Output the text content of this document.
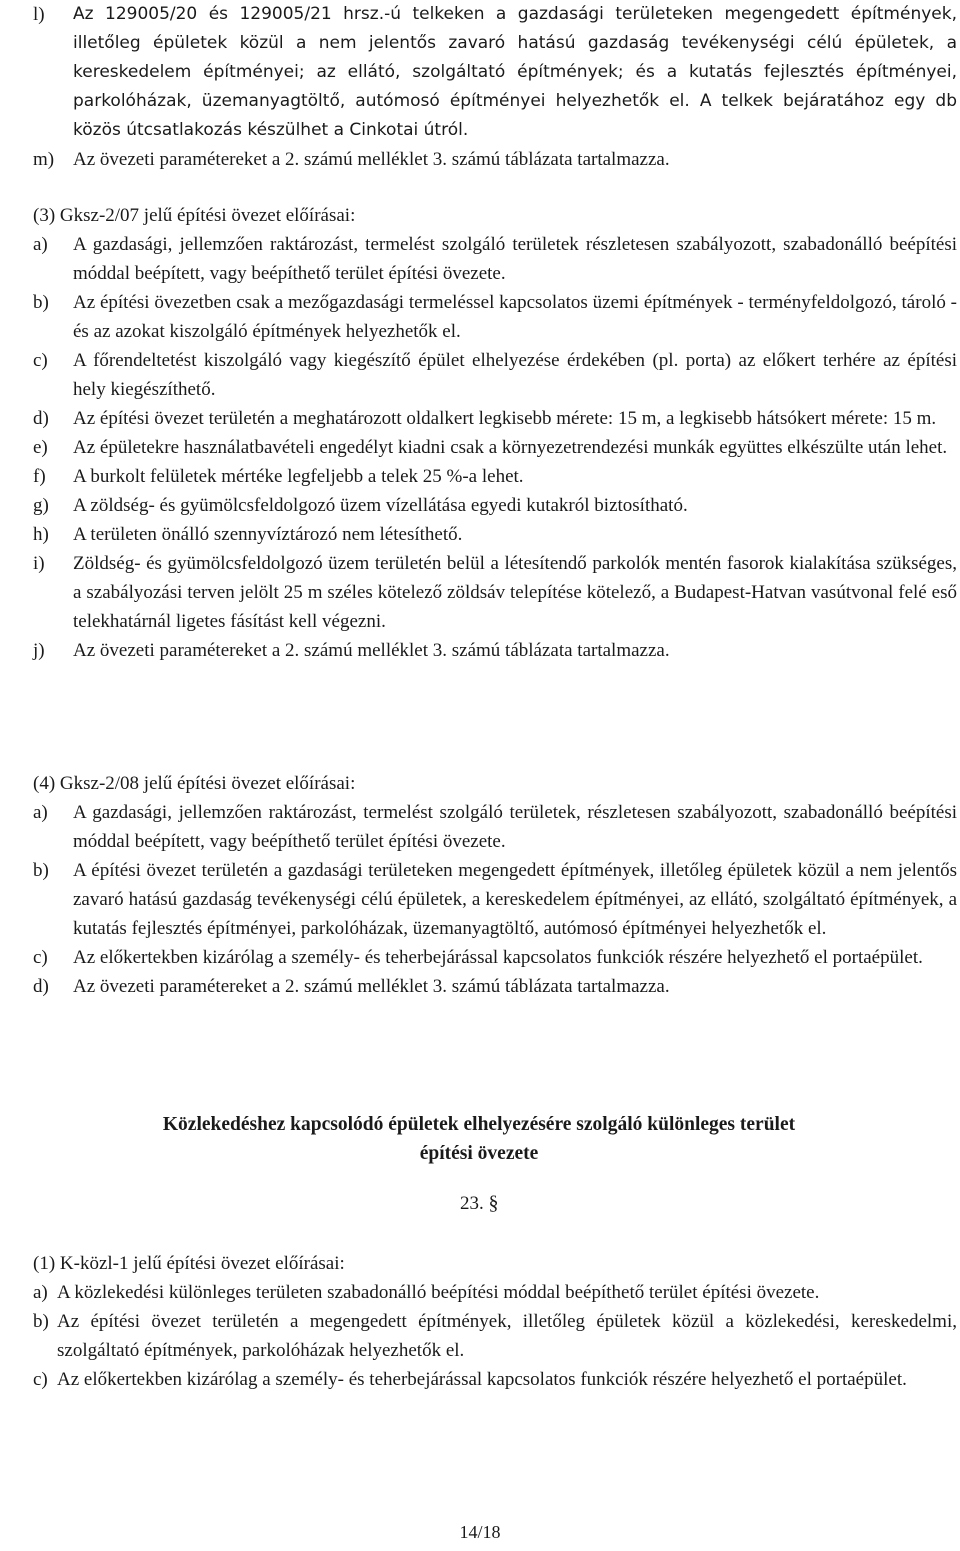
l)	Az 129005/20 és 129005/21 hrsz.-ú telkeken a gazdasági területeken megengedett építmények, illetőleg épületek közül a nem jelentős zavaró hatású gazdaság tevékenységi célú épületek, a kereskedelem építményei; az ellátó, szolgáltató építmények; és a kutatás fejlesztés építményei, parkolóházak, üzemanyagtöltő, autómosó építményei helyezhetők el. A telkek bejáratához egy db közös útcsatlakozás készülhet a Cinkotai útról.
m) Az övezeti paramétereket a 2. számú melléklet 3. számú táblázata tartalmazza.

(3) Gksz-2/07 jelű építési övezet előírásai:

a)	A gazdasági, jellemzően raktározást, termelést szolgáló területek részletesen szabályozott, szabadonálló beépítési móddal beépített, vagy beépíthető terület építési övezete.
b)	Az építési övezetben csak a mezőgazdasági termeléssel kapcsolatos üzemi építmények - terményfeldolgozó, tároló - és az azokat kiszolgáló építmények helyezhetők el.
c)	A főrendeltetést kiszolgáló vagy kiegészítő épület elhelyezése érdekében (pl. porta) az előkert terhére az építési hely kiegészíthető.
d)	Az építési övezet területén a meghatározott oldalkert legkisebb mérete: 15 m, a legkisebb hátsókert mérete: 15 m.
e)	Az épületekre használatbavételi engedélyt kiadni csak a környezetrendezési munkák együttes elkészülte után lehet.
f)	A burkolt felületek mértéke legfeljebb a telek 25 %-a lehet.
g)	A zöldség- és gyümölcsfeldolgozó üzem vízellátása egyedi kutakról biztosítható.
h)	A területen önálló szennyvíztározó nem létesíthető.
i)	Zöldség- és gyümölcsfeldolgozó üzem területén belül a létesítendő parkolók mentén fasorok kialakítása szükséges, a szabályozási terven jelölt 25 m széles kötelező zöldsáv telepítése kötelező, a Budapest-Hatvan vasútvonal felé eső telekhatárnál ligetes fásítást kell végezni.
j)	Az övezeti paramétereket a 2. számú melléklet 3. számú táblázata tartalmazza.

(4) Gksz-2/08 jelű építési övezet előírásai:

a)	A gazdasági, jellemzően raktározást, termelést szolgáló területek, részletesen szabályozott, szabadonálló beépítési móddal beépített, vagy beépíthető terület építési övezete.
b)	A építési övezet területén a gazdasági területeken megengedett építmények, illetőleg épületek közül a nem jelentős zavaró hatású gazdaság tevékenységi célú épületek, a kereskedelem építményei, az ellátó, szolgáltató építmények, a kutatás fejlesztés építményei, parkolóházak, üzemanyagtöltő, autómosó építményei helyezhetők el.
c)	Az előkertekben kizárólag a személy- és teherbejárással kapcsolatos funkciók részére helyezhető el portaépület.
d)	Az övezeti paramétereket a 2. számú melléklet 3. számú táblázata tartalmazza.
Közlekedéshez kapcsolódó épületek elhelyezésére szolgáló különleges terület
építési övezete
23. §

(1) K-közl-1 jelű építési övezet előírásai:

a) A közlekedési különleges területen szabadonálló beépítési móddal beépíthető terület építési övezete.
b) Az építési övezet területén a megengedett építmények, illetőleg épületek közül a közlekedési, kereskedelmi, szolgáltató építmények, parkolóházak helyezhetők el.
c) Az előkertekben kizárólag a személy- és teherbejárással kapcsolatos funkciók részére helyezhető el portaépület.
14/18
